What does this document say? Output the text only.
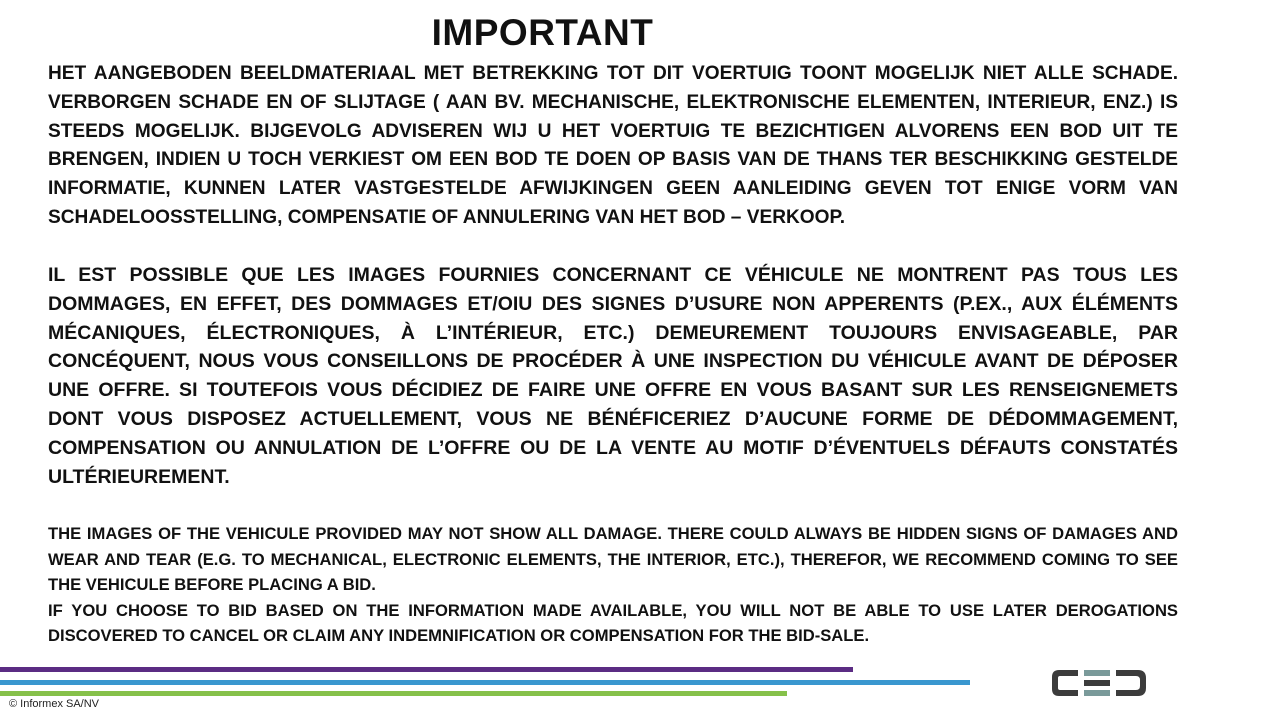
IMPORTANT

HET AANGEBODEN BEELDMATERIAAL MET BETREKKING TOT DIT VOERTUIG TOONT MOGELIJK NIET ALLE SCHADE. VERBORGEN SCHADE EN OF SLIJTAGE ( AAN BV. MECHANISCHE, ELEKTRONISCHE ELEMENTEN, INTERIEUR, ENZ.) IS STEEDS MOGELIJK. BIJGEVOLG ADVISEREN WIJ U HET VOERTUIG TE BEZICHTIGEN ALVORENS EEN BOD UIT TE BRENGEN, INDIEN U TOCH VERKIEST OM EEN BOD TE DOEN OP BASIS VAN DE THANS TER BESCHIKKING GESTELDE INFORMATIE, KUNNEN LATER VASTGESTELDE AFWIJKINGEN GEEN AANLEIDING GEVEN TOT ENIGE VORM VAN SCHADELOOSSTELLING, COMPENSATIE OF ANNULERING VAN HET BOD – VERKOOP.

IL EST POSSIBLE QUE LES IMAGES FOURNIES CONCERNANT CE VÉHICULE NE MONTRENT PAS TOUS LES DOMMAGES, EN EFFET, DES DOMMAGES ET/OIU DES SIGNES D’USURE NON APPERENTS (P.EX., AUX ÉLÉMENTS MÉCANIQUES, ÉLECTRONIQUES, À L’INTÉRIEUR, ETC.) DEMEUREMENT TOUJOURS ENVISAGEABLE, PAR CONCÉQUENT, NOUS VOUS CONSEILLONS DE PROCÉDER À UNE INSPECTION DU VÉHICULE AVANT DE DÉPOSER UNE OFFRE. SI TOUTEFOIS VOUS DÉCIDIEZ DE FAIRE UNE OFFRE EN VOUS BASANT SUR LES RENSEIGNEMETS DONT VOUS DISPOSEZ ACTUELLEMENT, VOUS NE BÉNÉFICERIEZ D’AUCUNE FORME DE DÉDOMMAGEMENT, COMPENSATION OU ANNULATION DE L’OFFRE OU DE LA VENTE AU MOTIF D’ÉVENTUELS DÉFAUTS CONSTATÉS ULTÉRIEUREMENT.

THE IMAGES OF THE VEHICULE PROVIDED MAY NOT SHOW ALL DAMAGE. THERE COULD ALWAYS BE HIDDEN SIGNS OF DAMAGES AND WEAR AND TEAR (E.G. TO MECHANICAL, ELECTRONIC ELEMENTS, THE INTERIOR, ETC.), THEREFOR, WE RECOMMEND COMING TO SEE THE VEHICULE BEFORE PLACING A BID.
IF YOU CHOOSE TO BID BASED ON THE INFORMATION MADE AVAILABLE, YOU WILL NOT BE ABLE TO USE LATER DEROGATIONS DISCOVERED TO CANCEL OR CLAIM ANY INDEMNIFICATION OR COMPENSATION FOR THE BID-SALE.

© Informex SA/NV
